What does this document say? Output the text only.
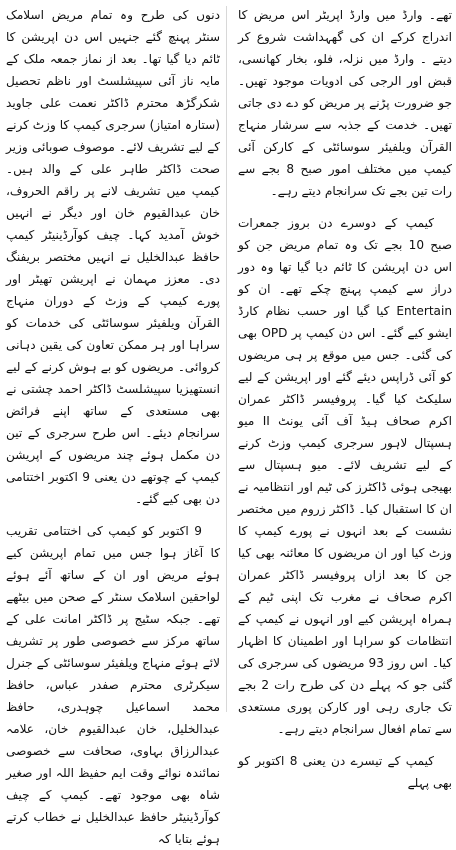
تھے۔ وارڈ میں وارڈ اپریٹر اس مریض کا اندراج کرکے ان کی گھہداشت شروع کر دیتے ۔ وارڈ میں نزلہ، فلو، بخار کھانسی، قبض اور الرجی کی ادویات موجود تھیں۔ جو ضرورت پڑنے پر مریض کو دے دی جاتی تھیں۔ خدمت کے جذبہ سے سرشار منہاج القرآن ویلفیئر سوسائٹی کے کارکن آئی کیمپ میں مختلف امور صبح 8 بجے سے رات تین بجے تک سرانجام دیتے رہے۔

کیمپ کے دوسرے دن بروز جمعرات صبح 10 بجے تک وہ تمام مریض جن کو اس دن اپریشن کا ٹائم دیا گیا تھا وہ دور دراز سے کیمپ پہنچ چکے تھے۔ ان کو Entertain کیا گیا اور حسب نظام کارڈ ایشو کیے گئے۔ اس دن کیمپ پر OPD بھی کی گئی۔ جس میں موقع پر ہی مریضوں کو آئی ڈراپس دیئے گئے اور اپریشن کے لیے سلیکٹ کیا گیا۔ پروفیسر ڈاکٹر عمران اکرم صحاف ہیڈ آف آئی یونٹ II میو ہسپتال لاہور سرجری کیمپ وزٹ کرنے کے لیے تشریف لائے۔ میو ہسپتال سے بھیجی ہوئی ڈاکٹرز کی ٹیم اور انتظامیہ نے ان کا استقبال کیا۔ ڈاکٹر زروم میں مختصر نشست کے بعد انہوں نے پورے کیمپ کا وزٹ کیا اور ان مریضوں کا معائنہ بھی کیا جن کا بعد ازاں پروفیسر ڈاکٹر عمران اکرم صحاف نے مغرب تک اپنی ٹیم کے ہمراہ اپریشن کیے اور انہوں نے کیمپ کے انتظامات کو سراہا اور اطمینان کا اظہار کیا۔ اس روز 93 مریضوں کی سرجری کی گئی جو کہ پہلے دن کی طرح رات 2 بجے تک جاری رہی اور کارکن پوری مستعدی سے تمام افعال سرانجام دیتے رہے۔

کیمپ کے تیسرے دن یعنی 8 اکتوبر کو بھی پہلے

دنوں کی طرح وہ تمام مریض اسلامک سنٹر پہنچ گئے جنہیں اس دن اپریشن کا ٹائم دیا گیا تھا۔ بعد از نماز جمعہ ملک کے مایہ ناز آئی سپیشلسٹ اور ناظم تحصیل شکرگڑھ محترم ڈاکٹر نعمت علی جاوید (ستارہ امتیاز) سرجری کیمپ کا وزٹ کرنے کے لیے تشریف لائے۔ موصوف صوبائی وزیر صحت ڈاکٹر طاہر علی کے والد ہیں۔ کیمپ میں تشریف لانے پر راقم الحروف، خان عبدالقیوم خان اور دیگر نے انہیں خوش آمدید کہا۔ چیف کوآرڈینیٹر کیمپ حافظ عبدالخلیل نے انہیں مختصر بریفنگ دی۔ معزز مہمان نے اپریشن تھیٹر اور پورے کیمپ کے وزٹ کے دوران منہاج القرآن ویلفیئر سوسائٹی کی خدمات کو سراہا اور ہر ممکن تعاون کی یقین دہانی کروائی۔ مریضوں کو بے ہوش کرنے کے لیے انستھیزیا سپیشلسٹ ڈاکٹر احمد چشتی نے بھی مستعدی کے ساتھ اپنے فرائض سرانجام دیئے۔ اس طرح سرجری کے تین دن مکمل ہوئے چند مریضوں کے اپریشن کیمپ کے چوتھے دن یعنی 9 اکتوبر اختتامی دن بھی کیے گئے۔

9 اکتوبر کو کیمپ کی اختتامی تقریب کا آغاز ہوا جس میں تمام اپریشن کیے ہوئے مریض اور ان کے ساتھ آئے ہوئے لواحقین اسلامک سنٹر کے صحن میں بیٹھے تھے۔ جبکہ سٹیج پر ڈاکٹر امانت علی کے ساتھ مرکز سے خصوصی طور پر تشریف لائے ہوئے منہاج ویلفیئر سوسائٹی کے جنرل سیکرٹری محترم صفدر عباس، حافظ محمد اسماعیل چوہدری، حافظ عبدالخلیل، خان عبدالقیوم خان، علامہ عبدالرزاق بہاوی، صحافت سے خصوصی نمائندہ نوائے وقت ایم حفیظ اللہ اور صغیر شاہ بھی موجود تھے۔ کیمپ کے چیف کوآرڈینیٹر حافظ عبدالخلیل نے خطاب کرتے ہوئے بتایا کہ
